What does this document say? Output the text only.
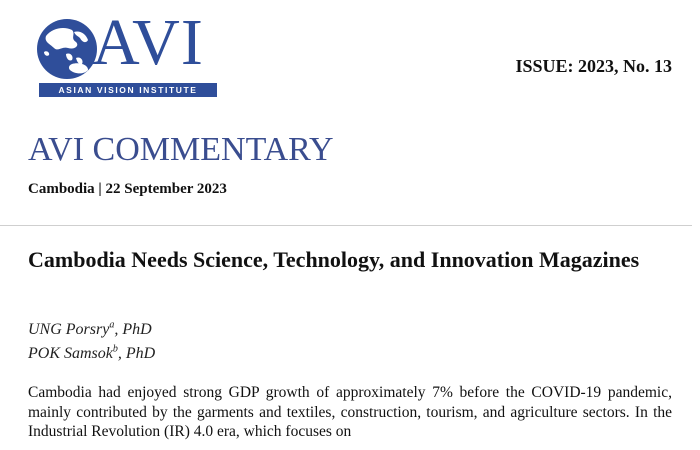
AVI
ASIAN VISION INSTITUTE
ISSUE: 2023, No. 13
AVI COMMENTARY
Cambodia | 22 September 2023
Cambodia Needs Science, Technology, and Innovation Magazines
UNG Porsry$^a$, PhD
POK Samsok$^b$, PhD
Cambodia had enjoyed strong GDP growth of approximately 7% before the COVID-19 pandemic, mainly contributed by the garments and textiles, construction, tourism, and agriculture sectors. In the Industrial Revolution (IR) 4.0 era, which focuses on
